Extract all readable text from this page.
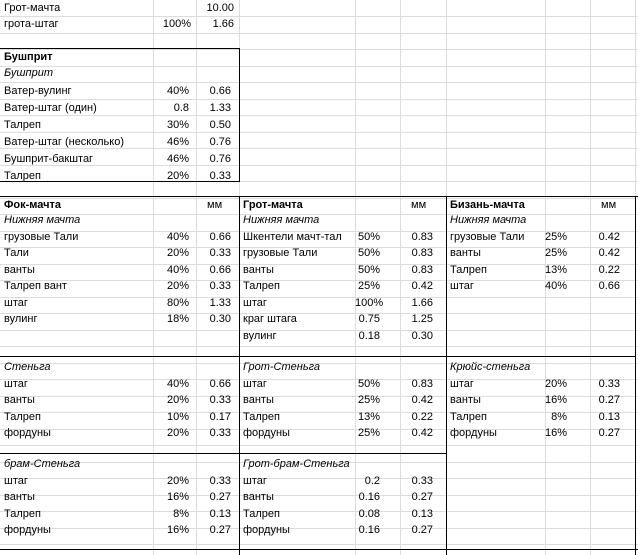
Грот-мачта	10.00
грота-штаг	100%	1.66
Бушприт
Бушприт
Ватер-вулинг	40%	0.66
Ватер-штаг (один)	0.8	1.33
Талреп	30%	0.50
Ватер-штаг (несколько)	46%	0.76
Бушприт-бакштаг	46%	0.76
Талреп	20%	0.33
Фок-мачта	мм
Нижняя мачта
грузовые Тали	40%	0.66
Тали	20%	0.33
ванты	40%	0.66
Талреп вант	20%	0.33
штаг	80%	1.33
вулинг	18%	0.30
Стеньга
штаг	40%	0.66
ванты	20%	0.33
Талреп	10%	0.17
фордуны	20%	0.33
брам-Стеньга
штаг	20%	0.33
ванты	16%	0.27
Талреп	8%	0.13
фордуны	16%	0.27
Грот-мачта	мм
Нижняя мачта
Шкентели мачт-тал 50%	0.83
грузовые Тали	50%	0.83
ванты	50%	0.83
Талреп	25%	0.42
штаг	100%	1.66
краг штага	0.75	1.25
вулинг	0.18	0.30
Грот-Стеньга
штаг	50%	0.83
ванты	25%	0.42
Талреп	13%	0.22
фордуны	25%	0.42
Грот-брам-Стеньга
штаг	0.2	0.33
ванты	0.16	0.27
Талреп	0.08	0.13
фордуны	0.16	0.27
Бизань-мачта	мм
Нижняя мачта
грузовые Тали 25%	0.42
ванты	25%	0.42
Талреп	13%	0.22
штаг	40%	0.66
Крюйс-стеньга
штаг	20%	0.33
ванты	16%	0.27
Талреп	8%	0.13
фордуны	16%	0.27
